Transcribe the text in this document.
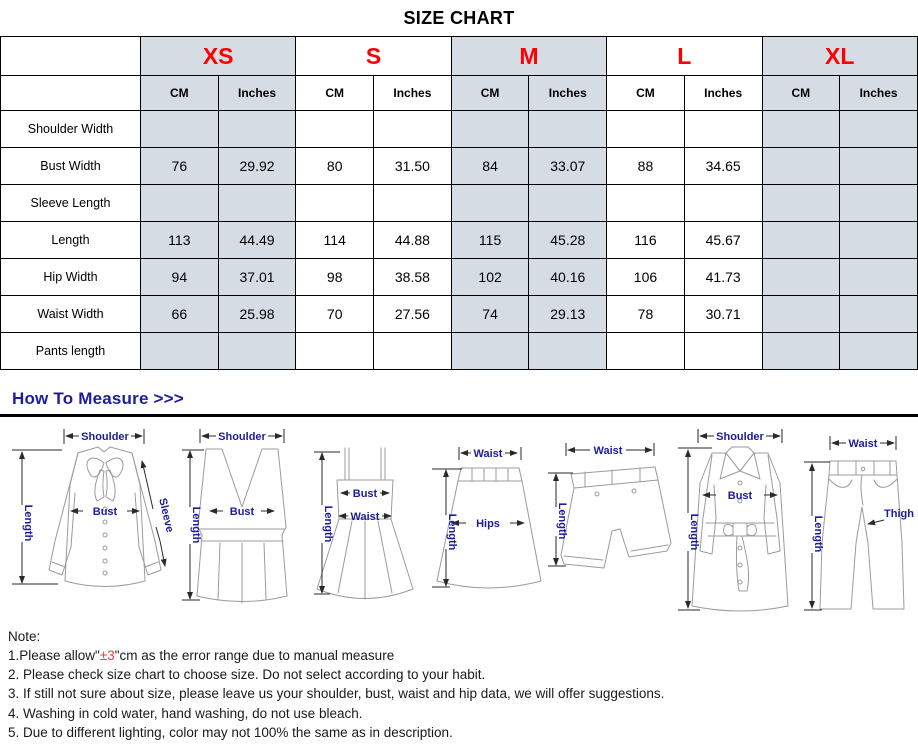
SIZE CHART
	XS		S		M		L		XL	
	CM	Inches	CM	Inches	CM	Inches	CM	Inches	CM	Inches
Shoulder Width										
Bust Width	76	29.92	80	31.50	84	33.07	88	34.65		
Sleeve Length										
Length	113	44.49	114	44.88	115	45.28	116	45.67		
Hip Width	94	37.01	98	38.58	102	40.16	106	41.73		
Waist Width	66	25.98	70	27.56	74	29.13	78	30.71		
Pants length										
How To Measure >>>
Shoulder
Length	Bust	Sleeve
Shoulder
Length	Bust	Length
Bust
Waist
Waist
Length Hips
Waist
Length
Shoulder
Bust
Length
Waist
Length
Thigh
Note:
1.Please allow"±3"cm as the error range due to manual measure
2. Please check size chart to choose size. Do not select according to your habit.
3. If still not sure about size, please leave us your shoulder, bust, waist and hip data, we will offer suggestions.
4. Washing in cold water, hand washing, do not use bleach.
5. Due to different lighting, color may not 100% the same as in description.
